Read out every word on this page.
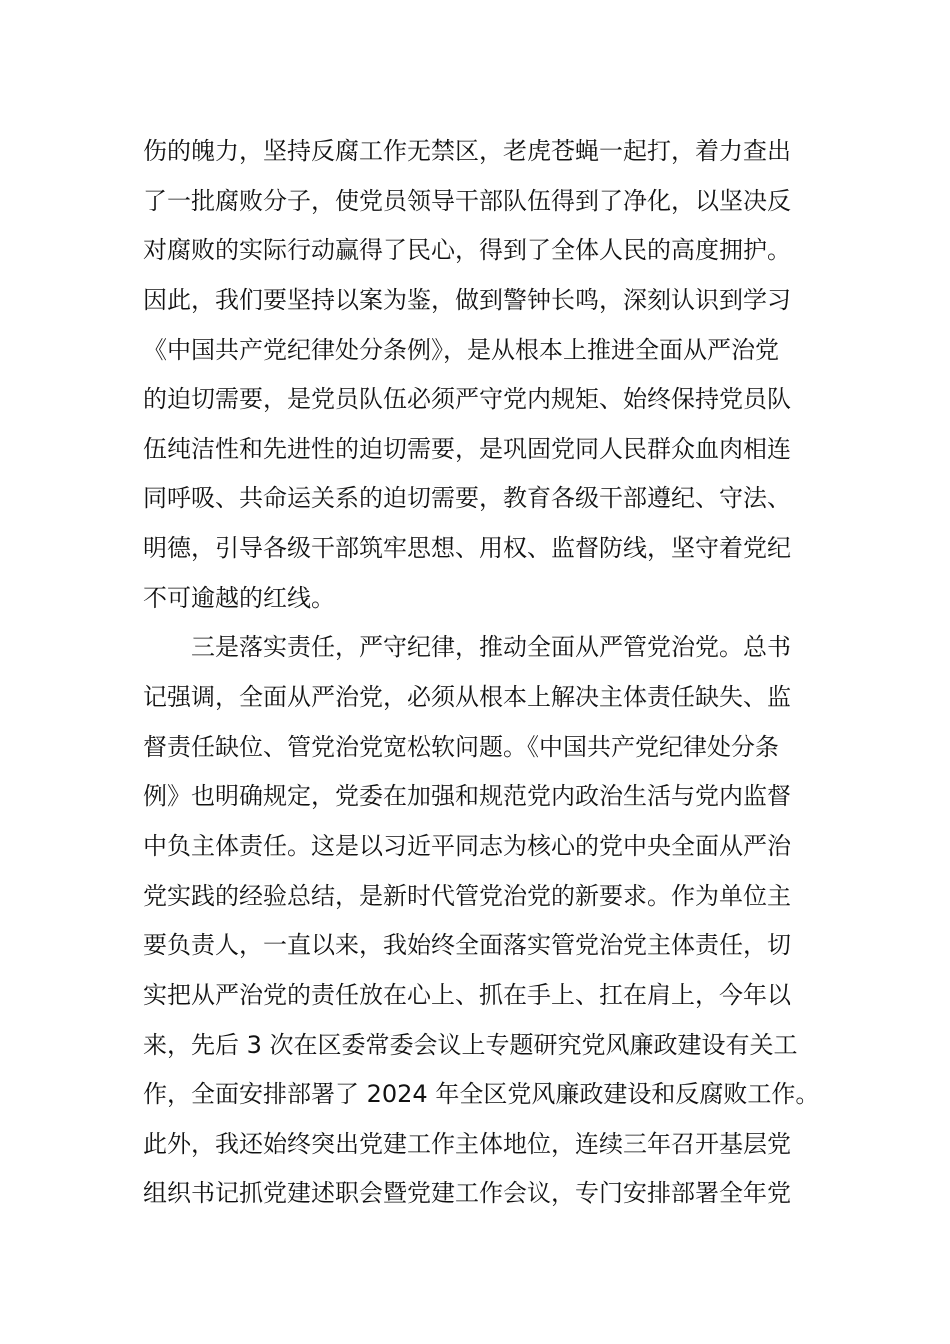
伤的魄力，坚持反腐工作无禁区，老虎苍蝇一起打，着力查出
了一批腐败分子，使党员领导干部队伍得到了净化，以坚决反
对腐败的实际行动赢得了民心，得到了全体人民的高度拥护。
因此，我们要坚持以案为鉴，做到警钟长鸣，深刻认识到学习
《中国共产党纪律处分条例》，是从根本上推进全面从严治党
的迫切需要，是党员队伍必须严守党内规矩、始终保持党员队
伍纯洁性和先进性的迫切需要，是巩固党同人民群众血肉相连
同呼吸、共命运关系的迫切需要，教育各级干部遵纪、守法、
明德，引导各级干部筑牢思想、用权、监督防线，坚守着党纪
不可逾越的红线。
三是落实责任，严守纪律，推动全面从严管党治党。总书
记强调，全面从严治党，必须从根本上解决主体责任缺失、监
督责任缺位、管党治党宽松软问题。《中国共产党纪律处分条
例》也明确规定，党委在加强和规范党内政治生活与党内监督
中负主体责任。这是以习近平同志为核心的党中央全面从严治
党实践的经验总结，是新时代管党治党的新要求。作为单位主
要负责人，一直以来，我始终全面落实管党治党主体责任，切
实把从严治党的责任放在心上、抓在手上、扛在肩上，今年以
来，先后 3 次在区委常委会议上专题研究党风廉政建设有关工
作，全面安排部署了 2024 年全区党风廉政建设和反腐败工作。
此外，我还始终突出党建工作主体地位，连续三年召开基层党
组织书记抓党建述职会暨党建工作会议，专门安排部署全年党
